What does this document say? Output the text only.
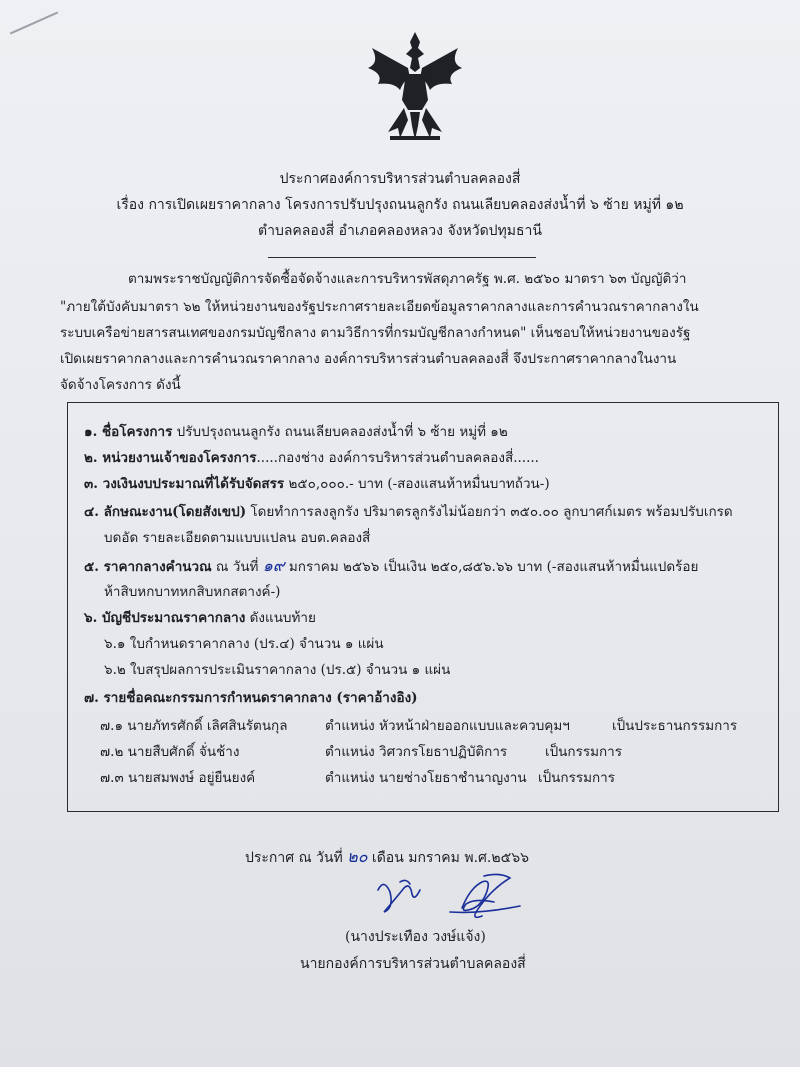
ประกาศองค์การบริหารส่วนตำบลคลองสี่
เรื่อง การเปิดเผยราคากลาง โครงการปรับปรุงถนนลูกรัง ถนนเลียบคลองส่งน้ำที่ ๖ ซ้าย หมู่ที่ ๑๒
ตำบลคลองสี่ อำเภอคลองหลวง จังหวัดปทุมธานี
ตามพระราชบัญญัติการจัดซื้อจัดจ้างและการบริหารพัสดุภาครัฐ พ.ศ. ๒๕๖๐ มาตรา ๖๓ บัญญัติว่า
"ภายใต้บังคับมาตรา ๖๒ ให้หน่วยงานของรัฐประกาศรายละเอียดข้อมูลราคากลางและการคำนวณราคากลางใน
ระบบเครือข่ายสารสนเทศของกรมบัญชีกลาง ตามวิธีการที่กรมบัญชีกลางกำหนด" เห็นชอบให้หน่วยงานของรัฐ
เปิดเผยราคากลางและการคำนวณราคากลาง องค์การบริหารส่วนตำบลคลองสี่ จึงประกาศราคากลางในงาน
จัดจ้างโครงการ ดังนี้
๑. ชื่อโครงการ ปรับปรุงถนนลูกรัง ถนนเลียบคลองส่งน้ำที่ ๖ ซ้าย หมู่ที่ ๑๒
๒. หน่วยงานเจ้าของโครงการ.....กองช่าง องค์การบริหารส่วนตำบลคลองสี่......
๓. วงเงินงบประมาณที่ได้รับจัดสรร ๒๕๐,๐๐๐.- บาท (-สองแสนห้าหมื่นบาทถ้วน-)
๔. ลักษณะงาน(โดยสังเขป) โดยทำการลงลูกรัง ปริมาตรลูกรังไม่น้อยกว่า ๓๕๐.๐๐ ลูกบาศก์เมตร พร้อมปรับเกรด
บดอัด รายละเอียดตามแบบแปลน อบต.คลองสี่
๕. ราคากลางคำนวณ ณ วันที่ ๑๙ มกราคม ๒๕๖๖ เป็นเงิน ๒๕๐,๘๕๖.๖๖ บาท (-สองแสนห้าหมื่นแปดร้อย
ห้าสิบหกบาทหกสิบหกสตางค์-)
๖. บัญชีประมาณราคากลาง ดังแนบท้าย
๖.๑ ใบกำหนดราคากลาง (ปร.๔) จำนวน ๑ แผ่น
๖.๒ ใบสรุปผลการประเมินราคากลาง (ปร.๕) จำนวน ๑ แผ่น
๗. รายชื่อคณะกรรมการกำหนดราคากลาง (ราคาอ้างอิง)
๗.๑ นายภัทรศักดิ์ เลิศสินรัตนกุล	ตำแหน่ง หัวหน้าฝ่ายออกแบบและควบคุมฯ	เป็นประธานกรรมการ
๗.๒ นายสืบศักดิ์ จั่นช้าง	ตำแหน่ง วิศวกรโยธาปฏิบัติการ	เป็นกรรมการ
๗.๓ นายสมพงษ์ อยู่ยืนยงค์	ตำแหน่ง นายช่างโยธาชำนาญงาน เป็นกรรมการ
ประกาศ ณ วันที่ ๒๐ เดือน มกราคม พ.ศ.๒๕๖๖
(นางประเทือง วงษ์แจ้ง)
นายกองค์การบริหารส่วนตำบลคลองสี่
